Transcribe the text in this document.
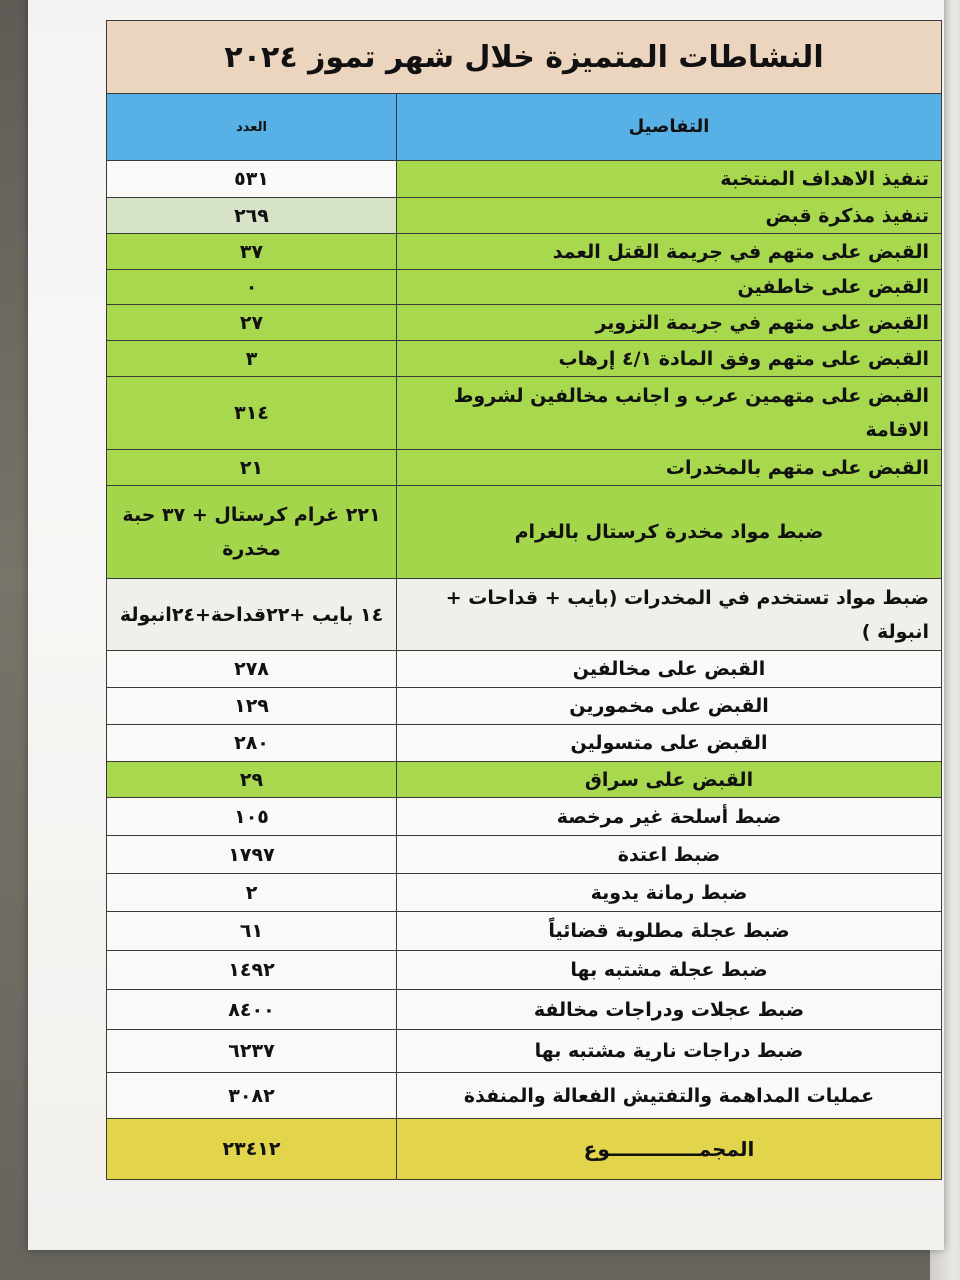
النشاطات المتميزة خلال شهر تموز ٢٠٢٤	
التفاصيل	العدد
تنفيذ الاهداف المنتخبة	٥٣١
تنفيذ مذكرة قبض	٢٦٩
القبض على متهم في جريمة القتل العمد	٣٧
القبض على خاطفين	٠
القبض على متهم في جريمة التزوير	٢٧
القبض على متهم وفق المادة ٤/١ إرهاب	٣
القبض على متهمين عرب و اجانب مخالفين لشروط الاقامة	٣١٤
القبض على متهم بالمخدرات	٢١
ضبط مواد مخدرة كرستال بالغرام	٢٢١ غرام كرستال + ٣٧ حبة مخدرة
ضبط مواد تستخدم في المخدرات (بايب + قداحات + انبولة )	١٤ بايب +٢٢قداحة+٢٤انبولة
القبض على مخالفين	٢٧٨
القبض على مخمورين	١٢٩
القبض على متسولين	٢٨٠
القبض على سراق	٢٩
ضبط أسلحة غير مرخصة	١٠٥
ضبط اعتدة	١٧٩٧
ضبط رمانة يدوية	٢
ضبط عجلة مطلوبة قضائياً	٦١
ضبط عجلة مشتبه بها	١٤٩٢
ضبط عجلات ودراجات مخالفة	٨٤٠٠
ضبط دراجات نارية مشتبه بها	٦٢٣٧
عمليات المداهمة والتفتيش الفعالة والمنفذة	٣٠٨٢
المجمـــــــــــــوع	٢٣٤١٢
